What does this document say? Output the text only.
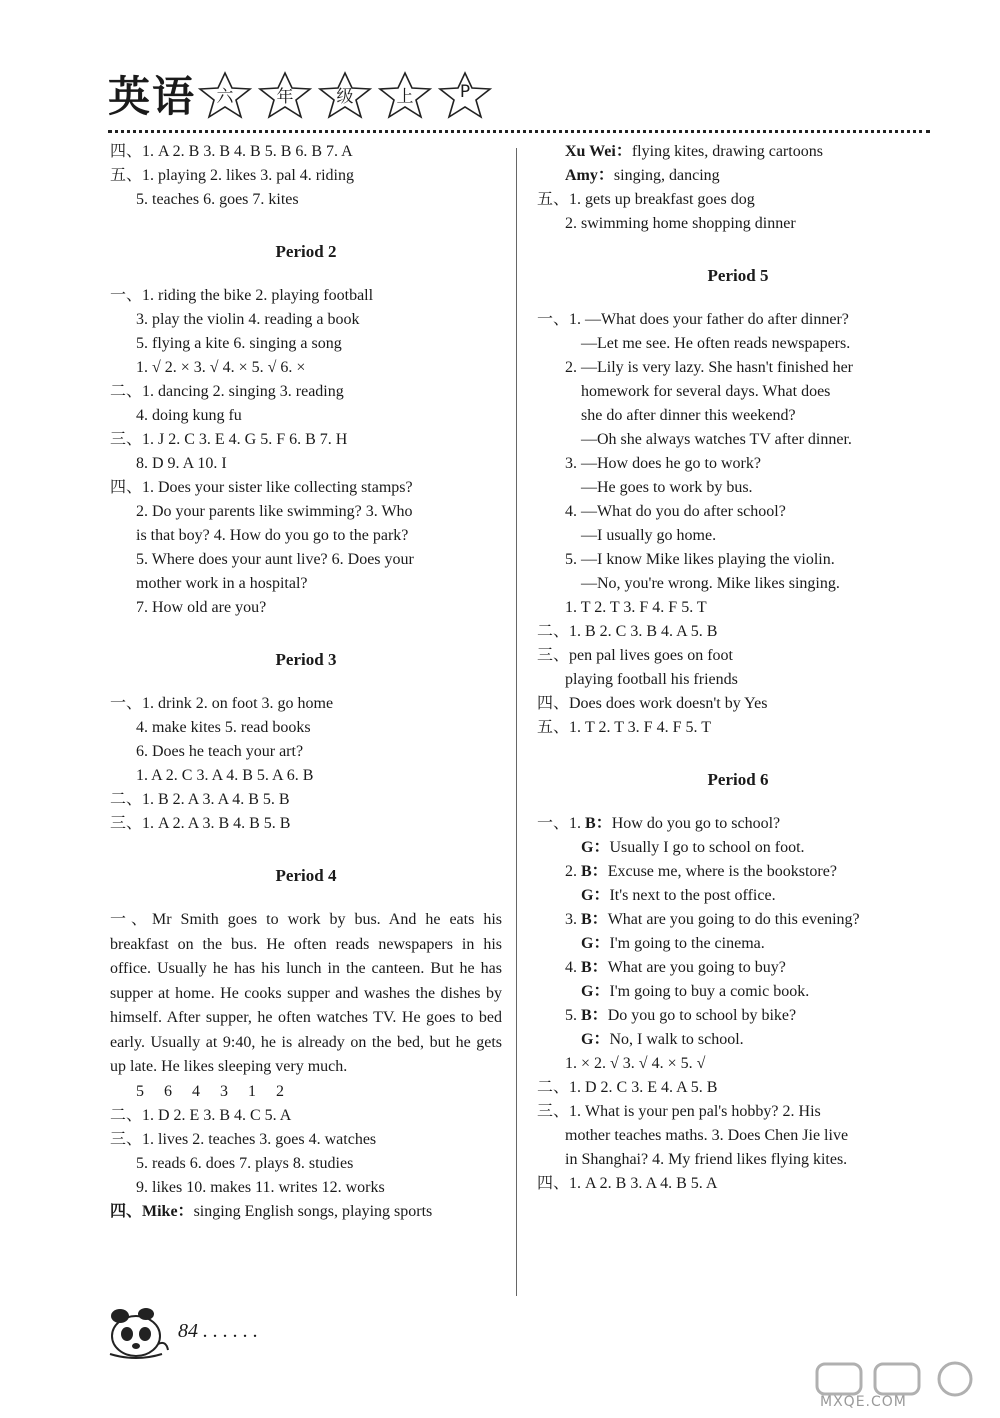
英语	六	年	级	上	P
四、1. A 2. B 3. B 4. B 5. B 6. B 7. A
五、1. playing 2. likes 3. pal 4. riding
5. teaches 6. goes 7. kites
Period 2
一、1. riding the bike 2. playing football
3. play the violin 4. reading a book
5. flying a kite 6. singing a song
1. √ 2. × 3. √ 4. × 5. √ 6. ×
二、1. dancing 2. singing 3. reading
4. doing kung fu
三、1. J 2. C 3. E 4. G 5. F 6. B 7. H
8. D 9. A 10. I
四、1. Does your sister like collecting stamps?
2. Do your parents like swimming? 3. Who
is that boy? 4. How do you go to the park?
5. Where does your aunt live? 6. Does your
mother work in a hospital?
7. How old are you?
Period 3
一、1. drink 2. on foot 3. go home
4. make kites 5. read books
6. Does he teach your art?
1. A 2. C 3. A 4. B 5. A 6. B
二、1. B 2. A 3. A 4. B 5. B
三、1. A 2. A 3. B 4. B 5. B
Period 4
一、Mr Smith goes to work by bus. And he eats his breakfast on the bus. He often reads newspapers in his office. Usually he has his lunch in the canteen. But he has supper at home. He cooks supper and washes the dishes by himself. After supper, he often watches TV. He goes to bed early. Usually at 9:40, he is already on the bed, but he gets up late. He likes sleeping very much.
5 6 4 3 1 2
二、1. D 2. E 3. B 4. C 5. A
三、1. lives 2. teaches 3. goes 4. watches
5. reads 6. does 7. plays 8. studies
9. likes 10. makes 11. writes 12. works
四、Mike：singing English songs, playing sports
Xu Wei：flying kites, drawing cartoons
Amy：singing, dancing
五、1. gets up breakfast goes dog
2. swimming home shopping dinner
Period 5
一、1. —What does your father do after dinner?
—Let me see. He often reads newspapers.
2. —Lily is very lazy. She hasn't finished her
homework for several days. What does
she do after dinner this weekend?
—Oh she always watches TV after dinner.
3. —How does he go to work?
—He goes to work by bus.
4. —What do you do after school?
—I usually go home.
5. —I know Mike likes playing the violin.
—No, you're wrong. Mike likes singing.
1. T 2. T 3. F 4. F 5. T
二、1. B 2. C 3. B 4. A 5. B
三、pen pal lives goes on foot
playing football his friends
四、Does does work doesn't by Yes
五、1. T 2. T 3. F 4. F 5. T
Period 6
一、1. B：How do you go to school?
G：Usually I go to school on foot.
2. B：Excuse me, where is the bookstore?
G：It's next to the post office.
3. B：What are you going to do this evening?
G：I'm going to the cinema.
4. B：What are you going to buy?
G：I'm going to buy a comic book.
5. B：Do you go to school by bike?
G：No, I walk to school.
1. × 2. √ 3. √ 4. × 5. √
二、1. D 2. C 3. E 4. A 5. B
三、1. What is your pen pal's hobby? 2. His
mother teaches maths. 3. Does Chen Jie live
in Shanghai? 4. My friend likes flying kites.
四、1. A 2. B 3. A 4. B 5. A
84 . . . . . .
MXQE.COM
